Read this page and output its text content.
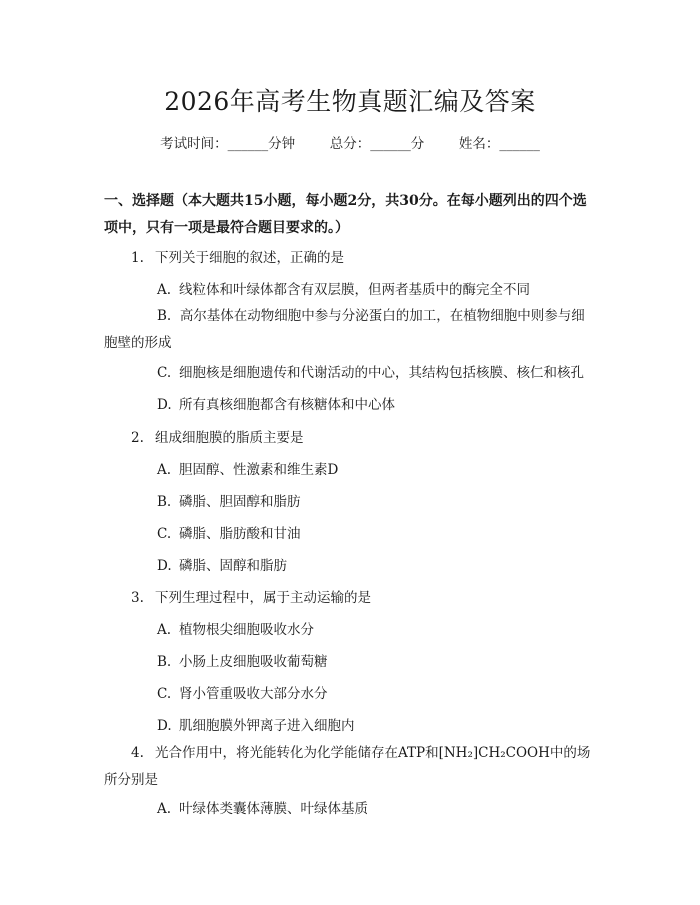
2026年高考生物真题汇编及答案
考试时间：______分钟	总分：______分	姓名：______
一、选择题（本大题共15小题，每小题2分，共30分。在每小题列出的四个选项中，只有一项是最符合题目要求的。）
1. 下列关于细胞的叙述，正确的是
A. 线粒体和叶绿体都含有双层膜，但两者基质中的酶完全不同
B. 高尔基体在动物细胞中参与分泌蛋白的加工，在植物细胞中则参与细胞壁的形成
C. 细胞核是细胞遗传和代谢活动的中心，其结构包括核膜、核仁和核孔
D. 所有真核细胞都含有核糖体和中心体
2. 组成细胞膜的脂质主要是
A. 胆固醇、性激素和维生素D
B. 磷脂、胆固醇和脂肪
C. 磷脂、脂肪酸和甘油
D. 磷脂、固醇和脂肪
3. 下列生理过程中，属于主动运输的是
A. 植物根尖细胞吸收水分
B. 小肠上皮细胞吸收葡萄糖
C. 肾小管重吸收大部分水分
D. 肌细胞膜外钾离子进入细胞内
4. 光合作用中，将光能转化为化学能储存在ATP和[NH₂]CH₂COOH中的场所分别是
A. 叶绿体类囊体薄膜、叶绿体基质
